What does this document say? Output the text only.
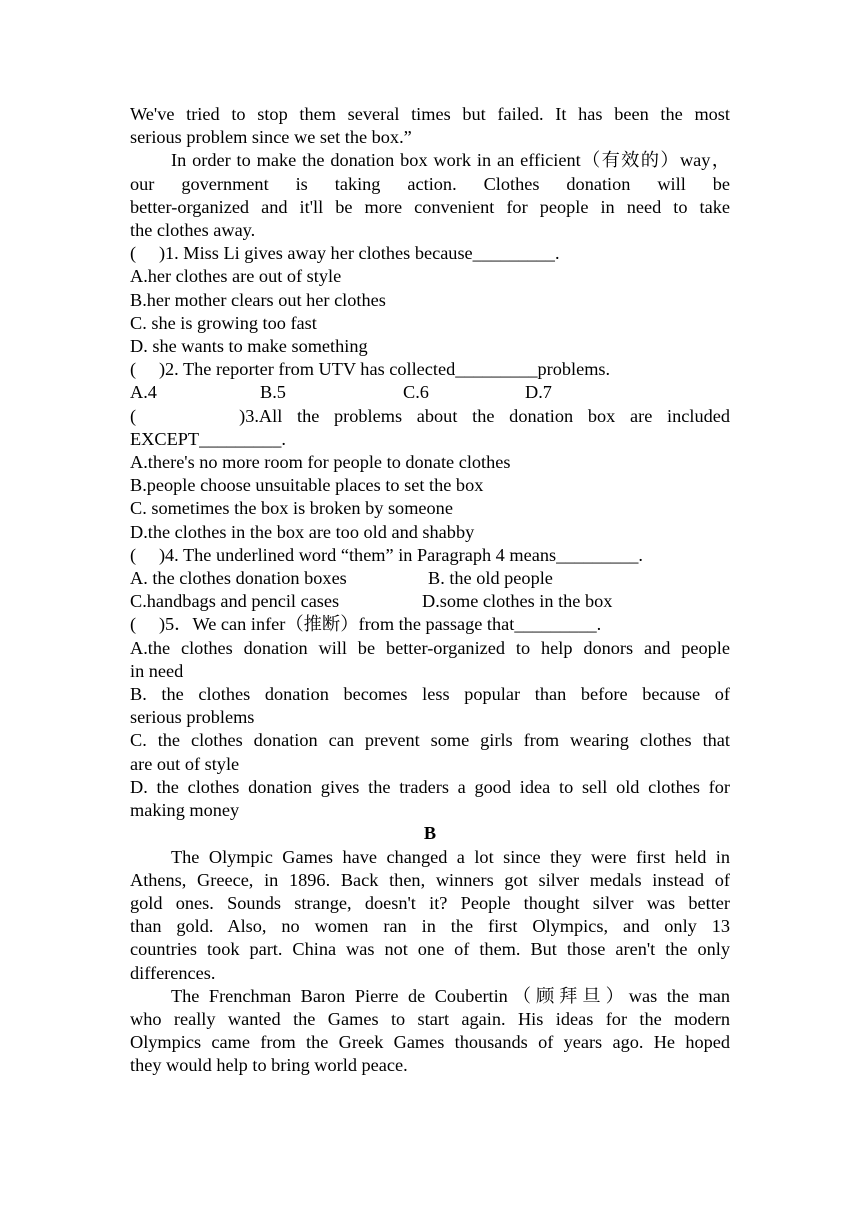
We've tried to stop them several times but failed. It has been the most
serious problem since we set the box.”
In order to make the donation box work in an efficient（有效的）way，
our government is taking action. Clothes donation will be
better-organized and it'll be more convenient for people in need to take
the clothes away.
(     )1. Miss Li gives away her clothes because_________.
A.her clothes are out of style
B.her mother clears out her clothes
C. she is growing too fast
D. she wants to make something
(     )2. The reporter from UTV has collected_________problems.
A.4	B.5	C.6	D.7
(       )3.All the problems about the donation box are included
EXCEPT_________.
A.there's no more room for people to donate clothes
B.people choose unsuitable places to set the box
C. sometimes the box is broken by someone
D.the clothes in the box are too old and shabby
(     )4. The underlined word “them” in Paragraph 4 means_________.
A. the clothes donation boxes	B. the old people
C.handbags and pencil cases	D.some clothes in the box
(     )5．We can infer（推断）from the passage that_________.
A.the clothes donation will be better-organized to help donors and people
in need
B. the clothes donation becomes less popular than before because of
serious problems
C. the clothes donation can prevent some girls from wearing clothes that
are out of style
D. the clothes donation gives the traders a good idea to sell old clothes for
making money
B
The Olympic Games have changed a lot since they were first held in
Athens, Greece, in 1896. Back then, winners got silver medals instead of
gold ones. Sounds strange, doesn't it? People thought silver was better
than gold. Also, no women ran in the first Olympics, and only 13
countries took part. China was not one of them. But those aren't the only
differences.
The Frenchman Baron Pierre de Coubertin（顾拜旦）was the man
who really wanted the Games to start again. His ideas for the modern
Olympics came from the Greek Games thousands of years ago. He hoped
they would help to bring world peace.
